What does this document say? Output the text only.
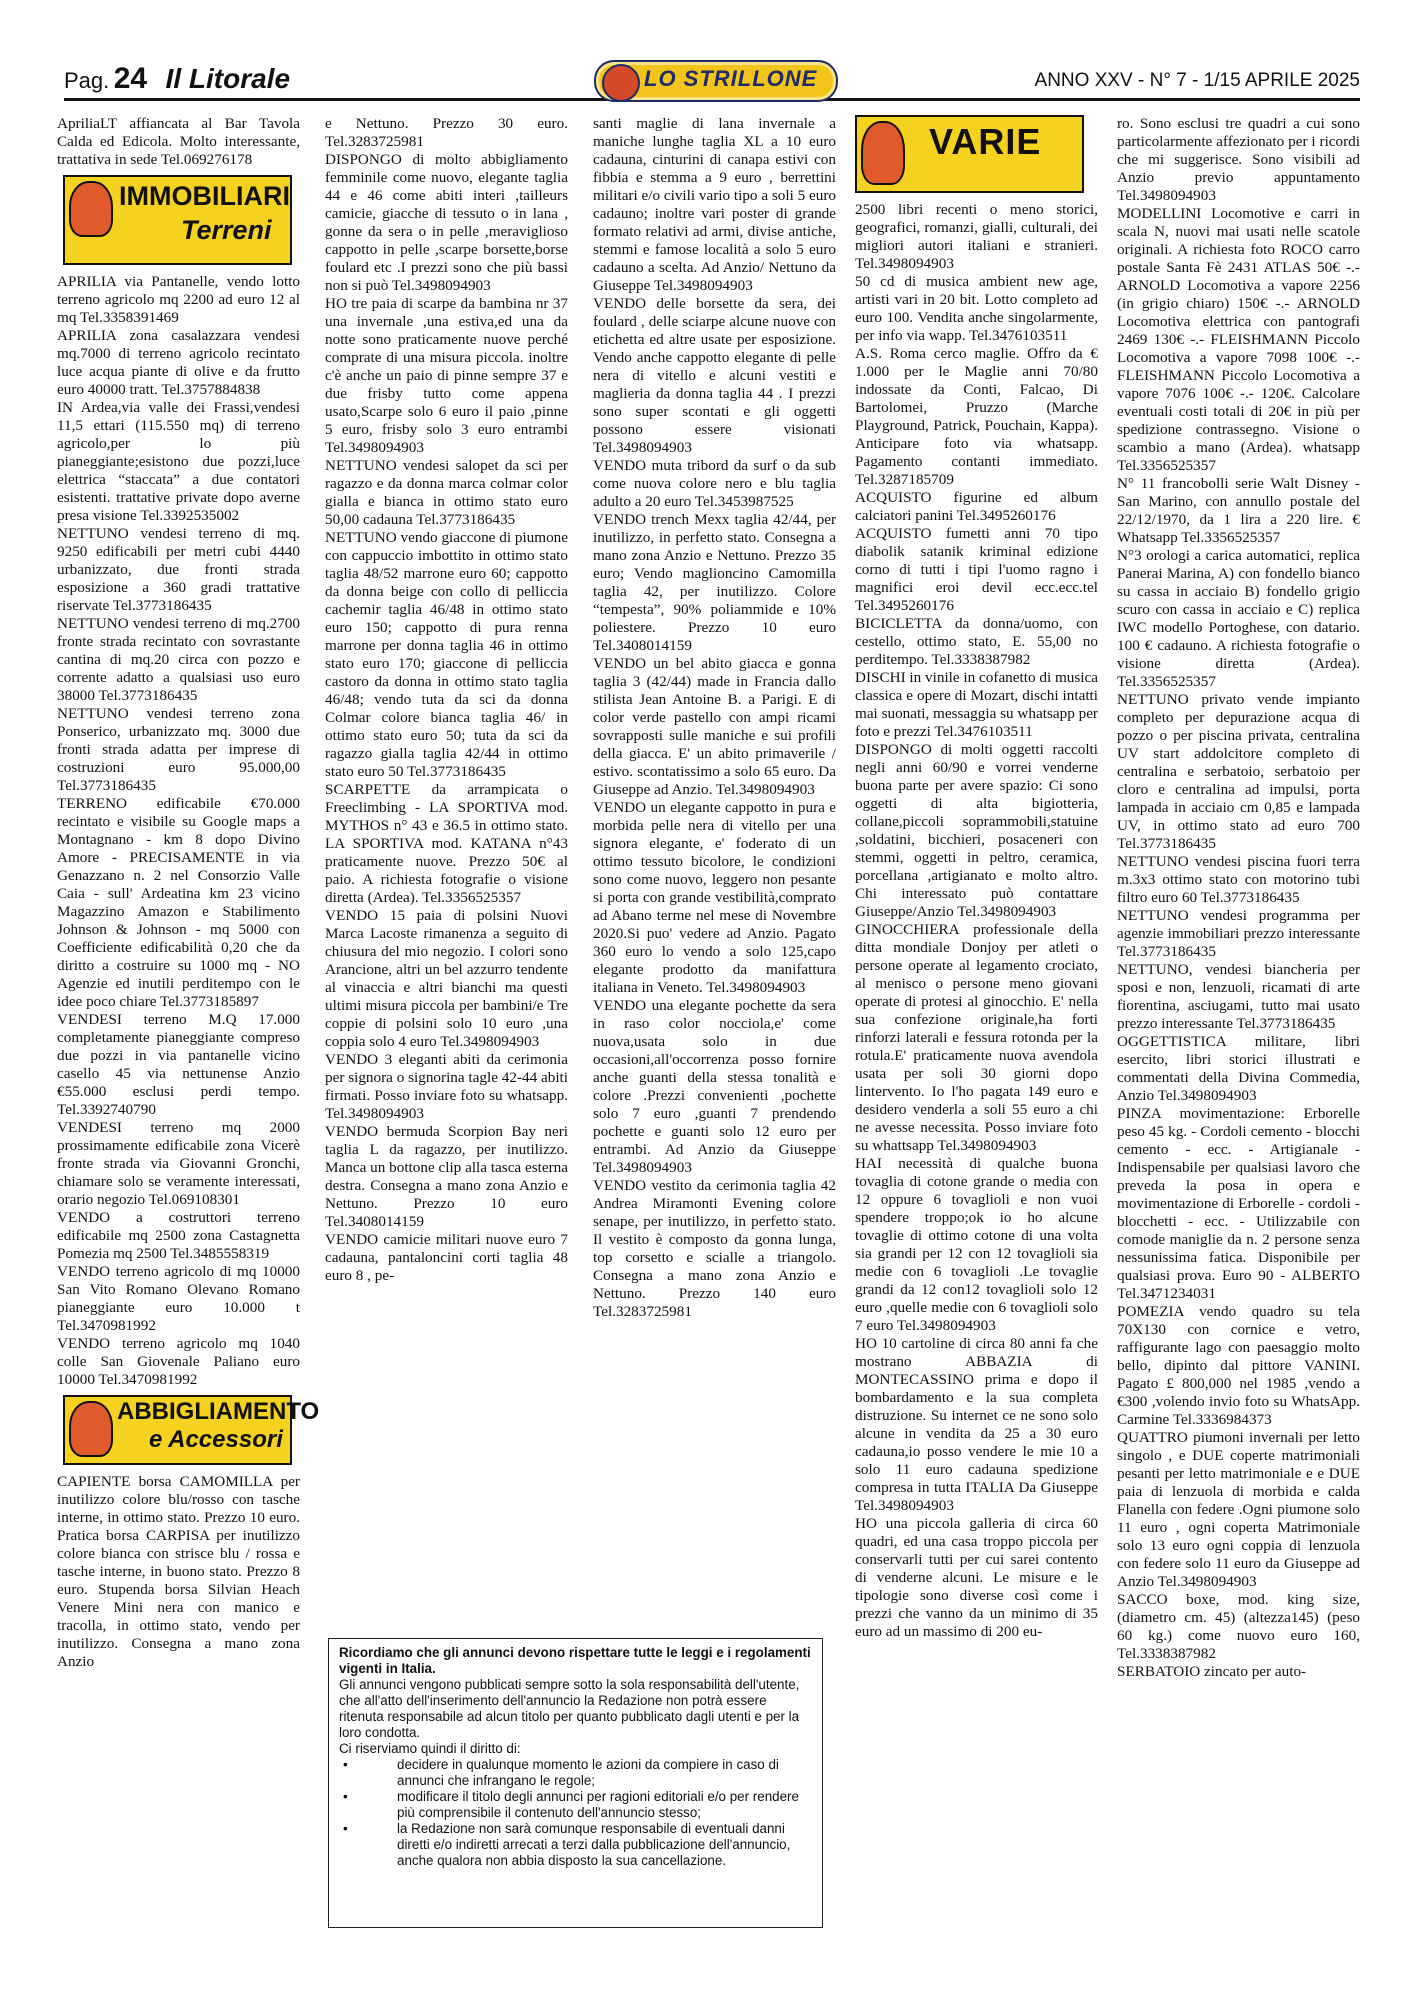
Pag. 24 Il Litorale	ANNO XXV - N° 7 - 1/15 APRILE 2025
LO STRILLONE

ApriliaLT affiancata al Bar Tavola Calda ed Edicola. Molto interessante, trattativa in sede Tel.069276178

IMMOBILIARI
Terreni

APRILIA via Pantanelle, vendo lotto terreno agricolo mq 2200 ad euro 12 al mq Tel.3358391469

APRILIA zona casalazzara vendesi mq.7000 di terreno agricolo recintato luce acqua piante di olive e da frutto euro 40000 tratt. Tel.3757884838

IN Ardea,via valle dei Frassi,vendesi 11,5 ettari (115.550 mq) di terreno agricolo,per lo più pianeggiante;esistono due pozzi,luce elettrica “staccata” a due contatori esistenti. trattative private dopo averne presa visione Tel.3392535002

NETTUNO vendesi terreno di mq. 9250 edificabili per metri cubi 4440 urbanizzato, due fronti strada esposizione a 360 gradi trattative riservate Tel.3773186435

NETTUNO vendesi terreno di mq.2700 fronte strada recintato con sovrastante cantina di mq.20 circa con pozzo e corrente adatto a qualsiasi uso euro 38000 Tel.3773186435

NETTUNO vendesi terreno zona Ponserico, urbanizzato mq. 3000 due fronti strada adatta per imprese di costruzioni euro 95.000,00 Tel.3773186435

TERRENO edificabile €70.000 recintato e visibile su Google maps a Montagnano - km 8 dopo Divino Amore - PRECISAMENTE in via Genazzano n. 2 nel Consorzio Valle Caia - sull' Ardeatina km 23 vicino Magazzino Amazon e Stabilimento Johnson & Johnson - mq 5000 con Coefficiente edificabilità 0,20 che da diritto a costruire su 1000 mq - NO Agenzie ed inutili perditempo con le idee poco chiare Tel.3773185897

VENDESI terreno M.Q 17.000 completamente pianeggiante compreso due pozzi in via pantanelle vicino casello 45 via nettunense Anzio €55.000 esclusi perdi tempo. Tel.3392740790

VENDESI terreno mq 2000 prossimamente edificabile zona Vicerè fronte strada via Giovanni Gronchi, chiamare solo se veramente interessati, orario negozio Tel.069108301

VENDO a costruttori terreno edificabile mq 2500 zona Castagnetta Pomezia mq 2500 Tel.3485558319

VENDO terreno agricolo di mq 10000 San Vito Romano Olevano Romano pianeggiante euro 10.000 t Tel.3470981992

VENDO terreno agricolo mq 1040 colle San Giovenale Paliano euro 10000 Tel.3470981992

ABBIGLIAMENTO
e Accessori

CAPIENTE borsa CAMOMILLA per inutilizzo colore blu/rosso con tasche interne, in ottimo stato. Prezzo 10 euro. Pratica borsa CARPISA per inutilizzo colore bianca con strisce blu / rossa e tasche interne, in buono stato. Prezzo 8 euro. Stupenda borsa Silvian Heach Venere Mini nera con manico e tracolla, in ottimo stato, vendo per inutilizzo. Consegna a mano zona Anzio

e Nettuno. Prezzo 30 euro. Tel.3283725981

DISPONGO di molto abbigliamento femminile come nuovo, elegante taglia 44 e 46 come abiti interi ,tailleurs camicie, giacche di tessuto o in lana , gonne da sera o in pelle ,meraviglioso cappotto in pelle ,scarpe borsette,borse foulard etc .I prezzi sono che più bassi non si può Tel.3498094903

HO tre paia di scarpe da bambina nr 37 una invernale ,una estiva,ed una da notte sono praticamente nuove perché comprate di una misura piccola. inoltre c'è anche un paio di pinne sempre 37 e due frisby tutto come appena usato,Scarpe solo 6 euro il paio ,pinne 5 euro, frisby solo 3 euro entrambi Tel.3498094903

NETTUNO vendesi salopet da sci per ragazzo e da donna marca colmar color gialla e bianca in ottimo stato euro 50,00 cadauna Tel.3773186435

NETTUNO vendo giaccone di piumone con cappuccio imbottito in ottimo stato taglia 48/52 marrone euro 60; cappotto da donna beige con collo di pelliccia cachemir taglia 46/48 in ottimo stato euro 150; cappotto di pura renna marrone per donna taglia 46 in ottimo stato euro 170; giaccone di pelliccia castoro da donna in ottimo stato taglia 46/48; vendo tuta da sci da donna Colmar colore bianca taglia 46/ in ottimo stato euro 50; tuta da sci da ragazzo gialla taglia 42/44 in ottimo stato euro 50 Tel.3773186435

SCARPETTE da arrampicata o Freeclimbing - LA SPORTIVA mod. MYTHOS n° 43 e 36.5 in ottimo stato. LA SPORTIVA mod. KATANA n°43 praticamente nuove. Prezzo 50€ al paio. A richiesta fotografie o visione diretta (Ardea). Tel.3356525357

VENDO 15 paia di polsini Nuovi Marca Lacoste rimanenza a seguito di chiusura del mio negozio. I colori sono Arancione, altri un bel azzurro tendente al vinaccia e altri bianchi ma questi ultimi misura piccola per bambini/e Tre coppie di polsini solo 10 euro ,una coppia solo 4 euro Tel.3498094903

VENDO 3 eleganti abiti da cerimonia per signora o signorina tagle 42-44 abiti firmati. Posso inviare foto su whatsapp. Tel.3498094903

VENDO bermuda Scorpion Bay neri taglia L da ragazzo, per inutilizzo. Manca un bottone clip alla tasca esterna destra. Consegna a mano zona Anzio e Nettuno. Prezzo 10 euro Tel.3408014159

VENDO camicie militari nuove euro 7 cadauna, pantaloncini corti taglia 48 euro 8 , pe-

santi maglie di lana invernale a maniche lunghe taglia XL a 10 euro cadauna, cinturini di canapa estivi con fibbia e stemma a 9 euro , berrettini militari e/o civili vario tipo a soli 5 euro cadauno; inoltre vari poster di grande formato relativi ad armi, divise antiche, stemmi e famose località a solo 5 euro cadauno a scelta. Ad Anzio/ Nettuno da Giuseppe Tel.3498094903

VENDO delle borsette da sera, dei foulard , delle sciarpe alcune nuove con etichetta ed altre usate per esposizione. Vendo anche cappotto elegante di pelle nera di vitello e alcuni vestiti e maglieria da donna taglia 44 . I prezzi sono super scontati e gli oggetti possono essere visionati Tel.3498094903

VENDO muta tribord da surf o da sub come nuova colore nero e blu taglia adulto a 20 euro Tel.3453987525

VENDO trench Mexx taglia 42/44, per inutilizzo, in perfetto stato. Consegna a mano zona Anzio e Nettuno. Prezzo 35 euro; Vendo maglioncino Camomilla taglia 42, per inutilizzo. Colore “tempesta”, 90% poliammide e 10% poliestere. Prezzo 10 euro Tel.3408014159

VENDO un bel abito giacca e gonna taglia 3 (42/44) made in Francia dallo stilista Jean Antoine B. a Parigi. E di color verde pastello con ampi ricami sovrapposti sulle maniche e sui profili della giacca. E' un abito primaverile / estivo. scontatissimo a solo 65 euro. Da Giuseppe ad Anzio. Tel.3498094903

VENDO un elegante cappotto in pura e morbida pelle nera di vitello per una signora elegante, e' foderato di un ottimo tessuto bicolore, le condizioni sono come nuovo, leggero non pesante si porta con grande vestibilità,comprato ad Abano terme nel mese di Novembre 2020.Si puo' vedere ad Anzio. Pagato 360 euro lo vendo a solo 125,capo elegante prodotto da manifattura italiana in Veneto. Tel.3498094903

VENDO una elegante pochette da sera in raso color nocciola,e' come nuova,usata solo in due occasioni,all'occorrenza posso fornire anche guanti della stessa tonalità e colore .Prezzi convenienti ,pochette solo 7 euro ,guanti 7 prendendo pochette e guanti solo 12 euro per entrambi. Ad Anzio da Giuseppe Tel.3498094903

VENDO vestito da cerimonia taglia 42 Andrea Miramonti Evening colore senape, per inutilizzo, in perfetto stato. Il vestito è composto da gonna lunga, top corsetto e scialle a triangolo. Consegna a mano zona Anzio e Nettuno. Prezzo 140 euro Tel.3283725981

VARIE

2500 libri recenti o meno storici, geografici, romanzi, gialli, culturali, dei migliori autori italiani e stranieri. Tel.3498094903

50 cd di musica ambient new age, artisti vari in 20 bit. Lotto completo ad euro 100. Vendita anche singolarmente, per info via wapp. Tel.3476103511

A.S. Roma cerco maglie. Offro da € 1.000 per le Maglie anni 70/80 indossate da Conti, Falcao, Di Bartolomei, Pruzzo (Marche Playground, Patrick, Pouchain, Kappa). Anticipare foto via whatsapp. Pagamento contanti immediato. Tel.3287185709

ACQUISTO figurine ed album calciatori panini Tel.3495260176

ACQUISTO fumetti anni 70 tipo diabolik satanik kriminal edizione corno di tutti i tipi l'uomo ragno i magnifici eroi devil ecc.ecc.tel Tel.3495260176

BICICLETTA da donna/uomo, con cestello, ottimo stato, E. 55,00 no perditempo. Tel.3338387982

DISCHI in vinile in cofanetto di musica classica e opere di Mozart, dischi intatti mai suonati, messaggia su whatsapp per foto e prezzi Tel.3476103511

DISPONGO di molti oggetti raccolti negli anni 60/90 e vorrei venderne buona parte per avere spazio: Ci sono oggetti di alta bigiotteria, collane,piccoli soprammobili,statuine ,soldatini, bicchieri, posaceneri con stemmi, oggetti in peltro, ceramica, porcellana ,artigianato e molto altro. Chi interessato può contattare Giuseppe/Anzio Tel.3498094903

GINOCCHIERA professionale della ditta mondiale Donjoy per atleti o persone operate al legamento crociato, al menisco o persone meno giovani operate di protesi al ginocchio. E' nella sua confezione originale,ha forti rinforzi laterali e fessura rotonda per la rotula.E' praticamente nuova avendola usata per soli 30 giorni dopo lintervento. Io l'ho pagata 149 euro e desidero venderla a soli 55 euro a chi ne avesse necessita. Posso inviare foto su whattsapp Tel.3498094903

HAI necessità di qualche buona tovaglia di cotone grande o media con 12 oppure 6 tovaglioli e non vuoi spendere troppo;ok io ho alcune tovaglie di ottimo cotone di una volta sia grandi per 12 con 12 tovaglioli sia medie con 6 tovaglioli .Le tovaglie grandi da 12 con12 tovaglioli solo 12 euro ,quelle medie con 6 tovaglioli solo 7 euro Tel.3498094903

HO 10 cartoline di circa 80 anni fa che mostrano ABBAZIA di MONTECASSINO prima e dopo il bombardamento e la sua completa distruzione. Su internet ce ne sono solo alcune in vendita da 25 a 30 euro cadauna,io posso vendere le mie 10 a solo 11 euro cadauna spedizione compresa in tutta ITALIA Da Giuseppe Tel.3498094903

HO una piccola galleria di circa 60 quadri, ed una casa troppo piccola per conservarli tutti per cui sarei contento di venderne alcuni. Le misure e le tipologie sono diverse così come i prezzi che vanno da un minimo di 35 euro ad un massimo di 200 eu-

ro. Sono esclusi tre quadri a cui sono particolarmente affezionato per i ricordi che mi suggerisce. Sono visibili ad Anzio previo appuntamento Tel.3498094903

MODELLINI Locomotive e carri in scala N, nuovi mai usati nelle scatole originali. A richiesta foto ROCO carro postale Santa Fè 2431 ATLAS 50€ -.- ARNOLD Locomotiva a vapore 2256 (in grigio chiaro) 150€ -.- ARNOLD Locomotiva elettrica con pantografi 2469 130€ -.- FLEISHMANN Piccolo Locomotiva a vapore 7098 100€ -.- FLEISHMANN Piccolo Locomotiva a vapore 7076 100€ -.- 120€. Calcolare eventuali costi totali di 20€ in più per spedizione contrassegno. Visione o scambio a mano (Ardea). whatsapp Tel.3356525357

N° 11 francobolli serie Walt Disney - San Marino, con annullo postale del 22/12/1970, da 1 lira a 220 lire. € Whatsapp Tel.3356525357

N°3 orologi a carica automatici, replica Panerai Marina, A) con fondello bianco su cassa in acciaio B) fondello grigio scuro con cassa in acciaio e C) replica IWC modello Portoghese, con datario. 100 € cadauno. A richiesta fotografie o visione diretta (Ardea). Tel.3356525357

NETTUNO privato vende impianto completo per depurazione acqua di pozzo o per piscina privata, centralina UV start addolcitore completo di centralina e serbatoio, serbatoio per cloro e centralina ad impulsi, porta lampada in acciaio cm 0,85 e lampada UV, in ottimo stato ad euro 700 Tel.3773186435

NETTUNO vendesi piscina fuori terra m.3x3 ottimo stato con motorino tubi filtro euro 60 Tel.3773186435

NETTUNO vendesi programma per agenzie immobiliari prezzo interessante Tel.3773186435

NETTUNO, vendesi biancheria per sposi e non, lenzuoli, ricamati di arte fiorentina, asciugami, tutto mai usato prezzo interessante Tel.3773186435

OGGETTISTICA militare, libri esercito, libri storici illustrati e commentati della Divina Commedia, Anzio Tel.3498094903

PINZA movimentazione: Erborelle peso 45 kg. - Cordoli cemento - blocchi cemento - ecc. - Artigianale - Indispensabile per qualsiasi lavoro che preveda la posa in opera e movimentazione di Erborelle - cordoli -blocchetti - ecc. - Utilizzabile con comode maniglie da n. 2 persone senza nessunissima fatica. Disponibile per qualsiasi prova. Euro 90 - ALBERTO Tel.3471234031

POMEZIA vendo quadro su tela 70X130 con cornice e vetro, raffigurante lago con paesaggio molto bello, dipinto dal pittore VANINI. Pagato £ 800,000 nel 1985 ,vendo a €300 ,volendo invio foto su WhatsApp. Carmine Tel.3336984373

QUATTRO piumoni invernali per letto singolo , e DUE coperte matrimoniali pesanti per letto matrimoniale e e DUE paia di lenzuola di morbida e calda Flanella con federe .Ogni piumone solo 11 euro , ogni coperta Matrimoniale solo 13 euro ogni coppia di lenzuola con federe solo 11 euro da Giuseppe ad Anzio Tel.3498094903

SACCO boxe, mod. king size, (diametro cm. 45) (altezza145) (peso 60 kg.) come nuovo euro 160, Tel.3338387982

SERBATOIO zincato per auto-

Ricordiamo che gli annunci devono rispettare tutte le leggi e i regolamenti vigenti in Italia.

Gli annunci vengono pubblicati sempre sotto la sola responsabilità dell'utente, che all'atto dell'inserimento dell'annuncio la Redazione non potrà essere ritenuta responsabile ad alcun titolo per quanto pubblicato dagli utenti e per la loro condotta.

Ci riserviamo quindi il diritto di:

•	decidere in qualunque momento le azioni da compiere in caso di annunci che infrangano le regole;
•	modificare il titolo degli annunci per ragioni editoriali e/o per rendere più comprensibile il contenuto dell'annuncio stesso;
•	la Redazione non sarà comunque responsabile di eventuali danni diretti e/o indiretti arrecati a terzi dalla pubblicazione dell'annuncio, anche qualora non abbia disposto la sua cancellazione.
